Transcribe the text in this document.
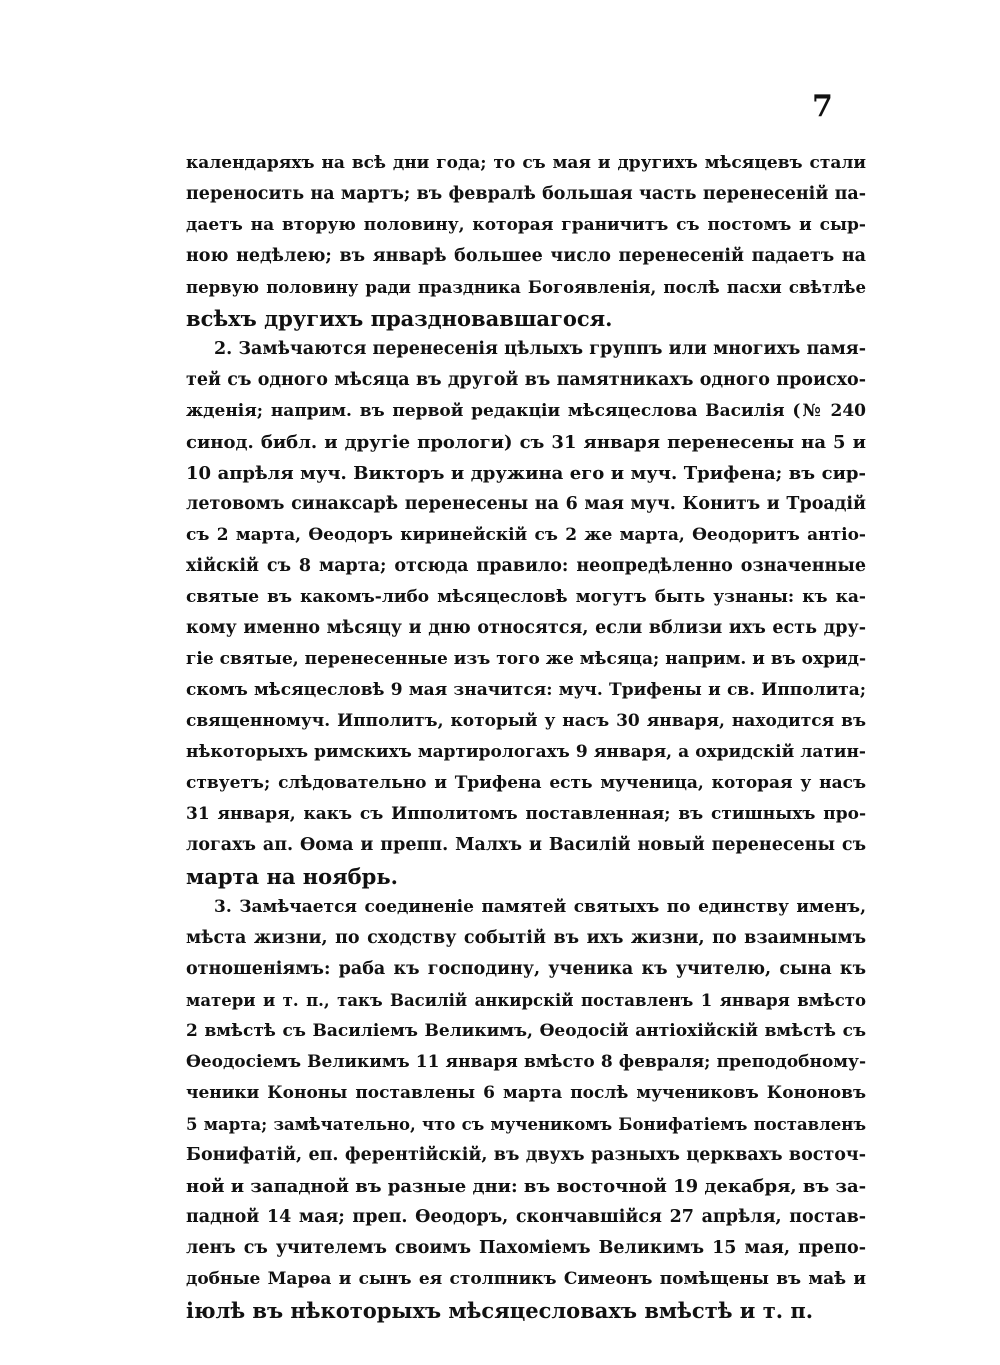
7
календаряхъ на всѣ дни года; то съ мая и другихъ мѣсяцевъ стали
переносить на мартъ; въ февралѣ большая часть перенесеній па-
даетъ на вторую половину, которая граничитъ съ постомъ и сыр-
ною недѣлею; въ январѣ большее число перенесеній падаетъ на
первую половину ради праздника Богоявленія, послѣ пасхи свѣтлѣе
всѣхъ другихъ праздновавшагося.
2. Замѣчаются перенесенія цѣлыхъ группъ или многихъ памя-
тей съ одного мѣсяца въ другой въ памятникахъ одного происхо-
жденія; наприм. въ первой редакціи мѣсяцеслова Василія (№ 240
синод. библ. и другіе прологи) съ 31 января перенесены на 5 и
10 апрѣля муч. Викторъ и дружина его и муч. Трифена; въ сир-
летовомъ синаксарѣ перенесены на 6 мая муч. Конитъ и Троадій
съ 2 марта, Ѳеодоръ киринейскій съ 2 же марта, Ѳеодоритъ антіо-
хійскій съ 8 марта; отсюда правило: неопредѣленно означенные
святые въ какомъ-либо мѣсяцесловѣ могутъ быть узнаны: къ ка-
кому именно мѣсяцу и дню относятся, если вблизи ихъ есть дру-
гіе святые, перенесенные изъ того же мѣсяца; наприм. и въ охрид-
скомъ мѣсяцесловѣ 9 мая значится: муч. Трифены и св. Ипполита;
священномуч. Ипполитъ, который у насъ 30 января, находится въ
нѣкоторыхъ римскихъ мартирологахъ 9 января, а охридскій латин-
ствуетъ; слѣдовательно и Трифена есть мученица, которая у насъ
31 января, какъ съ Ипполитомъ поставленная; въ стишныхъ про-
логахъ ап. Ѳома и препп. Малхъ и Василій новый перенесены съ
марта на ноябрь.
3. Замѣчается соединеніе памятей святыхъ по единству именъ,
мѣста жизни, по сходству событій въ ихъ жизни, по взаимнымъ
отношеніямъ: раба къ господину, ученика къ учителю, сына къ
матери и т. п., такъ Василій анкирскій поставленъ 1 января вмѣсто
2 вмѣстѣ съ Василіемъ Великимъ, Ѳеодосій антіохійскій вмѣстѣ съ
Ѳеодосіемъ Великимъ 11 января вмѣсто 8 февраля; преподобному-
ченики Кононы поставлены 6 марта послѣ мучениковъ Кононовъ
5 марта; замѣчательно, что съ мученикомъ Бонифатіемъ поставленъ
Бонифатій, еп. ферентійскій, въ двухъ разныхъ церквахъ восточ-
ной и западной въ разные дни: въ восточной 19 декабря, въ за-
падной 14 мая; преп. Ѳеодоръ, скончавшійся 27 апрѣля, постав-
ленъ съ учителемъ своимъ Пахоміемъ Великимъ 15 мая, препо-
добные Марѳа и сынъ ея столпникъ Симеонъ помѣщены въ маѣ и
іюлѣ въ нѣкоторыхъ мѣсяцесловахъ вмѣстѣ и т. п.
